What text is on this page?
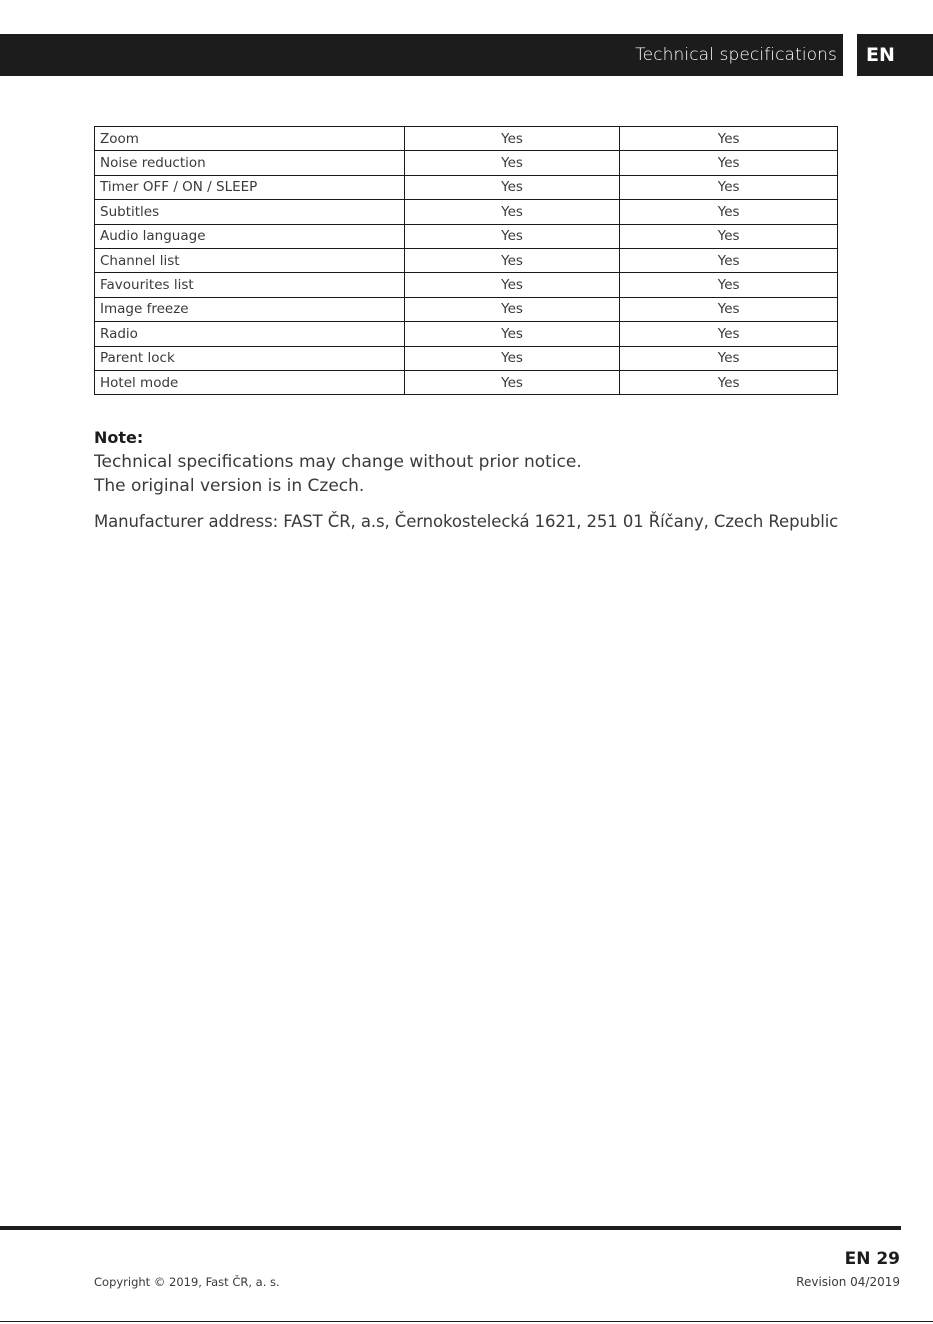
Technical specifications	EN
Zoom	Yes	Yes
Noise reduction	Yes	Yes
Timer OFF / ON / SLEEP	Yes	Yes
Subtitles	Yes	Yes
Audio language	Yes	Yes
Channel list	Yes	Yes
Favourites list	Yes	Yes
Image freeze	Yes	Yes
Radio	Yes	Yes
Parent lock	Yes	Yes
Hotel mode	Yes	Yes
Note:
Technical specifications may change without prior notice.
The original version is in Czech.
Manufacturer address: FAST ČR, a.s, Černokostelecká 1621, 251 01 Říčany, Czech Republic
EN 29
Copyright © 2019, Fast ČR, a. s.	Revision 04/2019
